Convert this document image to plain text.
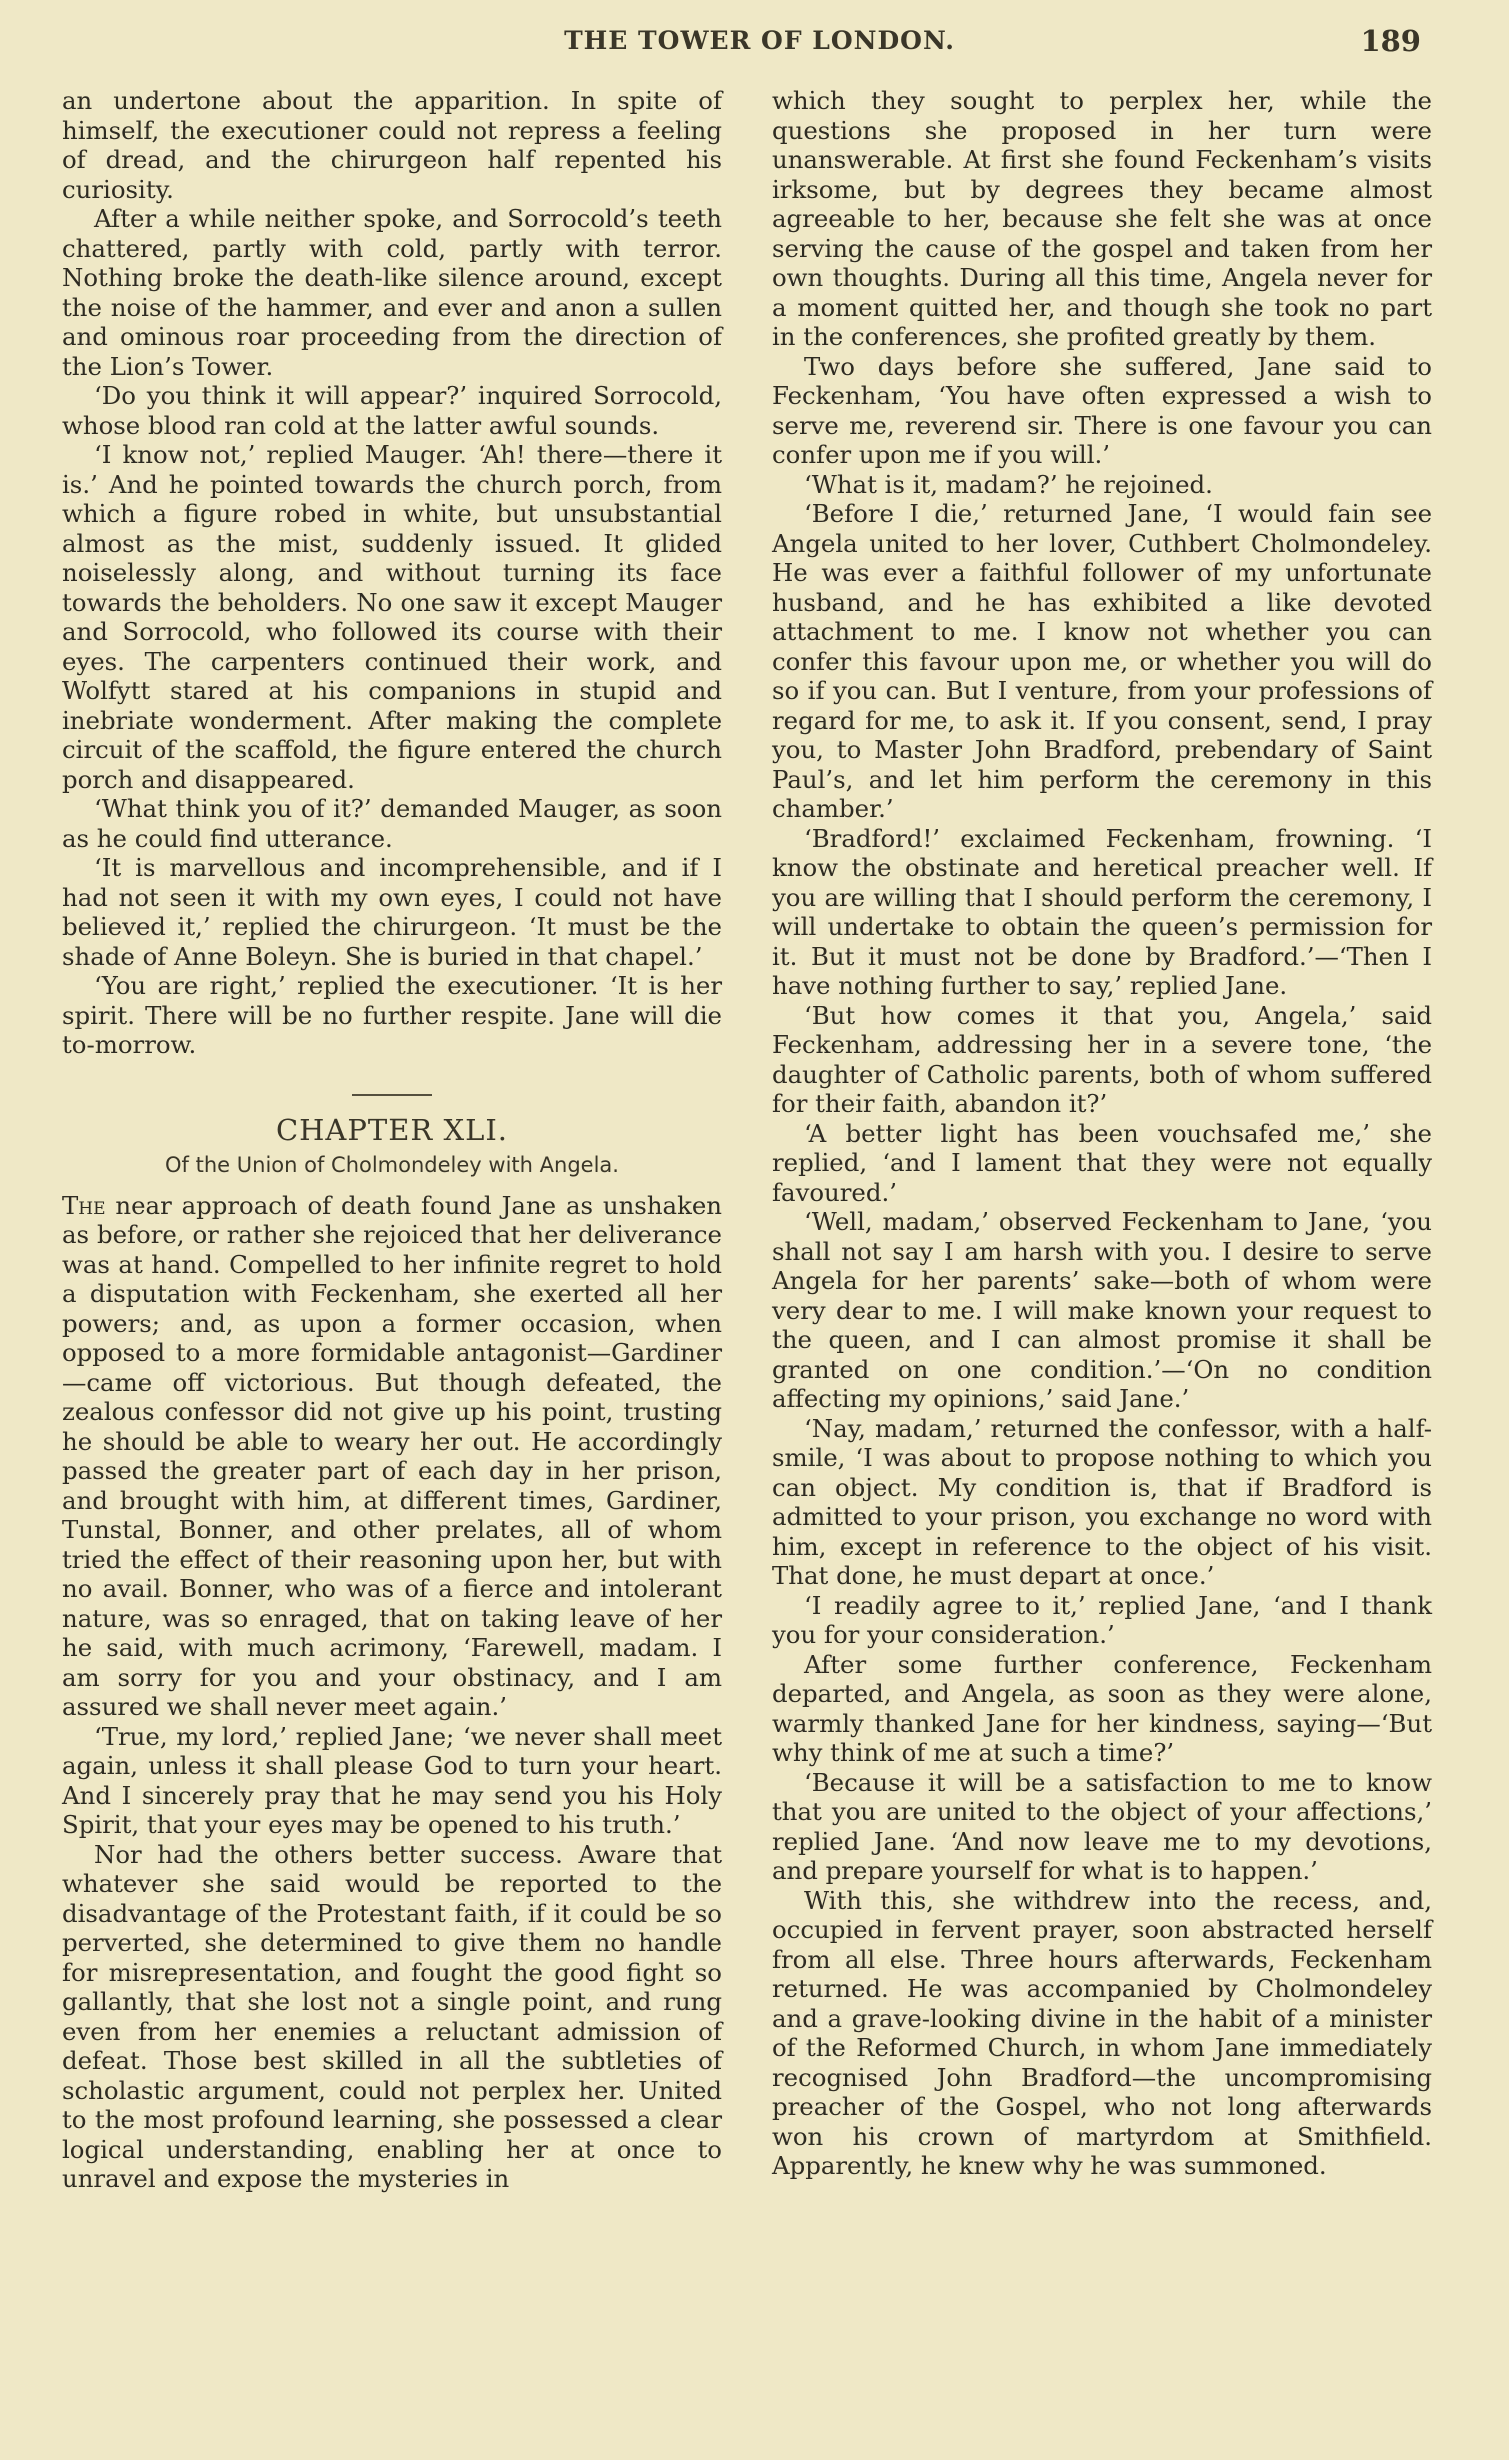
THE TOWER OF LONDON.	189

an undertone about the apparition. In spite of himself, the executioner could not repress a feeling of dread, and the chirurgeon half repented his curiosity.

After a while neither spoke, and Sorrocold’s teeth chattered, partly with cold, partly with terror. Nothing broke the death-like silence around, except the noise of the hammer, and ever and anon a sullen and ominous roar proceeding from the direction of the Lion’s Tower.

‘Do you think it will appear?’ inquired Sorrocold, whose blood ran cold at the latter awful sounds.

‘I know not,’ replied Mauger. ‘Ah! there—there it is.’ And he pointed towards the church porch, from which a figure robed in white, but unsubstantial almost as the mist, suddenly issued. It glided noiselessly along, and without turning its face towards the beholders. No one saw it except Mauger and Sorrocold, who followed its course with their eyes. The carpenters continued their work, and Wolfytt stared at his companions in stupid and inebriate wonderment. After making the complete circuit of the scaffold, the figure entered the church porch and disappeared.

‘What think you of it?’ demanded Mauger, as soon as he could find utterance.

‘It is marvellous and incomprehensible, and if I had not seen it with my own eyes, I could not have believed it,’ replied the chirurgeon. ‘It must be the shade of Anne Boleyn. She is buried in that chapel.’

‘You are right,’ replied the executioner. ‘It is her spirit. There will be no further respite. Jane will die to-morrow.

CHAPTER XLI.
Of the Union of Cholmondeley with Angela.

The near approach of death found Jane as unshaken as before, or rather she rejoiced that her deliverance was at hand. Compelled to her infinite regret to hold a disputation with Feckenham, she exerted all her powers; and, as upon a former occasion, when opposed to a more formidable antagonist—Gardiner—came off victorious. But though defeated, the zealous confessor did not give up his point, trusting he should be able to weary her out. He accordingly passed the greater part of each day in her prison, and brought with him, at different times, Gardiner, Tunstal, Bonner, and other prelates, all of whom tried the effect of their reasoning upon her, but with no avail. Bonner, who was of a fierce and intolerant nature, was so enraged, that on taking leave of her he said, with much acrimony, ‘Farewell, madam. I am sorry for you and your obstinacy, and I am assured we shall never meet again.’

‘True, my lord,’ replied Jane; ‘we never shall meet again, unless it shall please God to turn your heart. And I sincerely pray that he may send you his Holy Spirit, that your eyes may be opened to his truth.’

Nor had the others better success. Aware that whatever she said would be reported to the disadvantage of the Protestant faith, if it could be so perverted, she determined to give them no handle for misrepresentation, and fought the good fight so gallantly, that she lost not a single point, and rung even from her enemies a reluctant admission of defeat. Those best skilled in all the subtleties of scholastic argument, could not perplex her. United to the most profound learning, she possessed a clear logical understanding, enabling her at once to unravel and expose the mysteries in

which they sought to perplex her, while the questions she proposed in her turn were unanswerable. At first she found Feckenham’s visits irksome, but by degrees they became almost agreeable to her, because she felt she was at once serving the cause of the gospel and taken from her own thoughts. During all this time, Angela never for a moment quitted her, and though she took no part in the conferences, she profited greatly by them.

Two days before she suffered, Jane said to Feckenham, ‘You have often expressed a wish to serve me, reverend sir. There is one favour you can confer upon me if you will.’

‘What is it, madam?’ he rejoined.

‘Before I die,’ returned Jane, ‘I would fain see Angela united to her lover, Cuthbert Cholmondeley. He was ever a faithful follower of my unfortunate husband, and he has exhibited a like devoted attachment to me. I know not whether you can confer this favour upon me, or whether you will do so if you can. But I venture, from your professions of regard for me, to ask it. If you consent, send, I pray you, to Master John Bradford, prebendary of Saint Paul’s, and let him perform the ceremony in this chamber.’

‘Bradford!’ exclaimed Feckenham, frowning. ‘I know the obstinate and heretical preacher well. If you are willing that I should perform the ceremony, I will undertake to obtain the queen’s permission for it. But it must not be done by Bradford.’—‘Then I have nothing further to say,’ replied Jane.

‘But how comes it that you, Angela,’ said Feckenham, addressing her in a severe tone, ‘the daughter of Catholic parents, both of whom suffered for their faith, abandon it?’

‘A better light has been vouchsafed me,’ she replied, ‘and I lament that they were not equally favoured.’

‘Well, madam,’ observed Feckenham to Jane, ‘you shall not say I am harsh with you. I desire to serve Angela for her parents’ sake—both of whom were very dear to me. I will make known your request to the queen, and I can almost promise it shall be granted on one condition.’—‘On no condition affecting my opinions,’ said Jane.’

‘Nay, madam,’ returned the confessor, with a half-smile, ‘I was about to propose nothing to which you can object. My condition is, that if Bradford is admitted to your prison, you exchange no word with him, except in reference to the object of his visit. That done, he must depart at once.’

‘I readily agree to it,’ replied Jane, ‘and I thank you for your consideration.’

After some further conference, Feckenham departed, and Angela, as soon as they were alone, warmly thanked Jane for her kindness, saying—‘But why think of me at such a time?’

‘Because it will be a satisfaction to me to know that you are united to the object of your affections,’ replied Jane. ‘And now leave me to my devotions, and prepare yourself for what is to happen.’

With this, she withdrew into the recess, and, occupied in fervent prayer, soon abstracted herself from all else. Three hours afterwards, Feckenham returned. He was accompanied by Cholmondeley and a grave-looking divine in the habit of a minister of the Reformed Church, in whom Jane immediately recognised John Bradford—the uncompromising preacher of the Gospel, who not long afterwards won his crown of martyrdom at Smithfield. Apparently, he knew why he was summoned.
